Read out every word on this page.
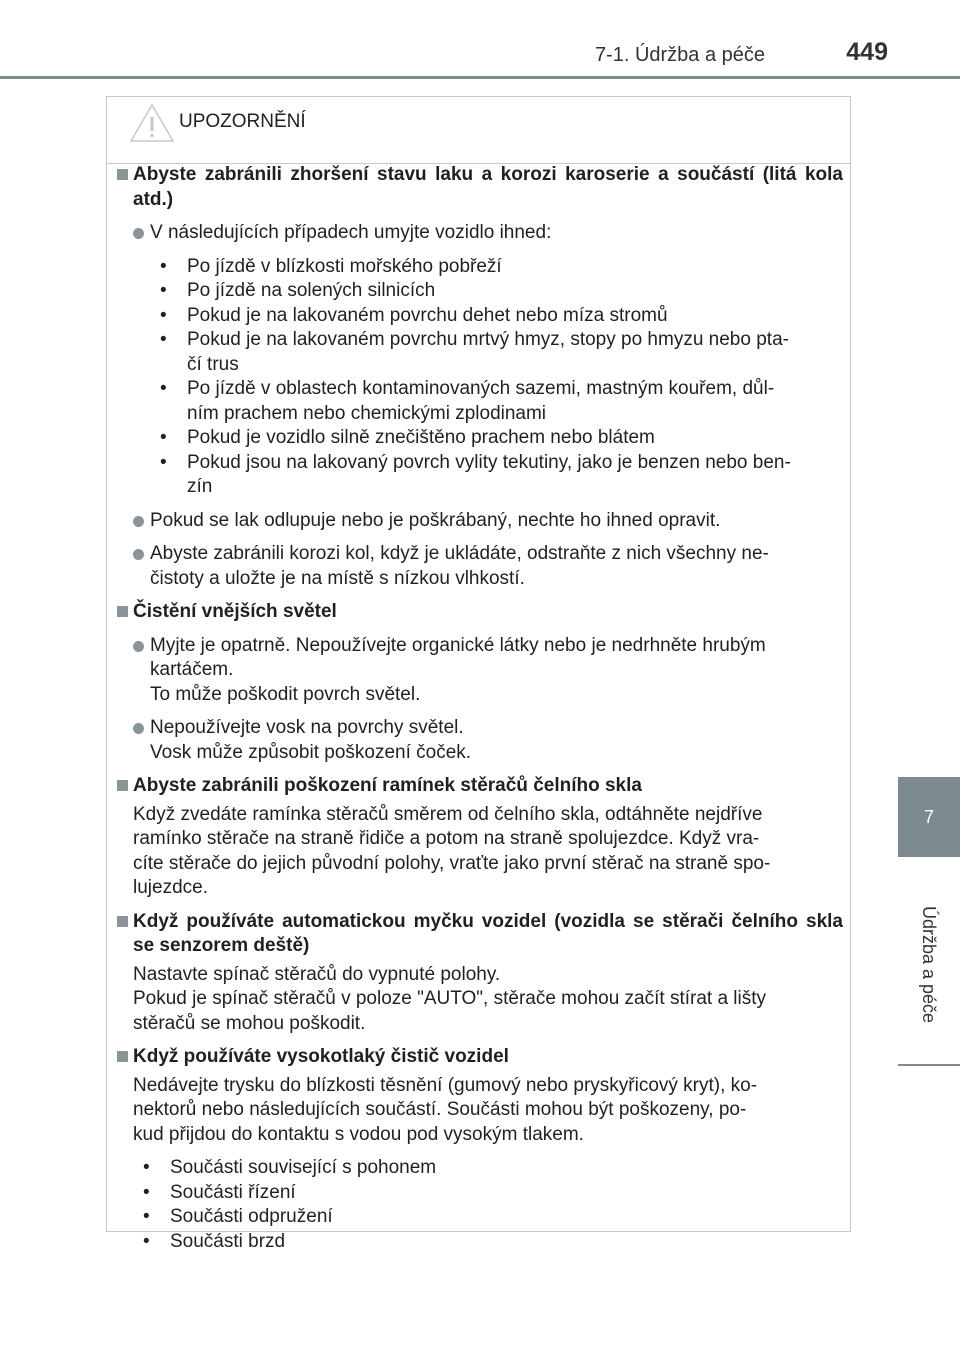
7-1. Údržba a péče	449
7
Údržba a péče
UPOZORNĚNÍ
Abyste zabránili zhoršení stavu laku a korozi karoserie a součástí (litá kola atd.)
V následujících případech umyjte vozidlo ihned:
• Po jízdě v blízkosti mořského pobřeží
• Po jízdě na solených silnicích
• Pokud je na lakovaném povrchu dehet nebo míza stromů
• Pokud je na lakovaném povrchu mrtvý hmyz, stopy po hmyzu nebo pta-
čí trus
• Po jízdě v oblastech kontaminovaných sazemi, mastným kouřem, důl-
ním prachem nebo chemickými zplodinami
• Pokud je vozidlo silně znečištěno prachem nebo blátem
• Pokud jsou na lakovaný povrch vylity tekutiny, jako je benzen nebo ben-
zín
Pokud se lak odlupuje nebo je poškrábaný, nechte ho ihned opravit.
Abyste zabránili korozi kol, když je ukládáte, odstraňte z nich všechny ne-
čistoty a uložte je na místě s nízkou vlhkostí.
Čistění vnějších světel
Myjte je opatrně. Nepoužívejte organické látky nebo je nedrhněte hrubým
kartáčem.
To může poškodit povrch světel.
Nepoužívejte vosk na povrchy světel.
Vosk může způsobit poškození čoček.
Abyste zabránili poškození ramínek stěračů čelního skla
Když zvedáte ramínka stěračů směrem od čelního skla, odtáhněte nejdříve
ramínko stěrače na straně řidiče a potom na straně spolujezdce. Když vra-
cíte stěrače do jejich původní polohy, vraťte jako první stěrač na straně spo-
lujezdce.
Když používáte automatickou myčku vozidel (vozidla se stěrači čelního skla se senzorem deště)
Nastavte spínač stěračů do vypnuté polohy.
Pokud je spínač stěračů v poloze "AUTO", stěrače mohou začít stírat a lišty
stěračů se mohou poškodit.
Když používáte vysokotlaký čistič vozidel
Nedávejte trysku do blízkosti těsnění (gumový nebo pryskyřicový kryt), ko-
nektorů nebo následujících součástí. Součásti mohou být poškozeny, po-
kud přijdou do kontaktu s vodou pod vysokým tlakem.
• Součásti související s pohonem
• Součásti řízení
• Součásti odpružení
• Součásti brzd
